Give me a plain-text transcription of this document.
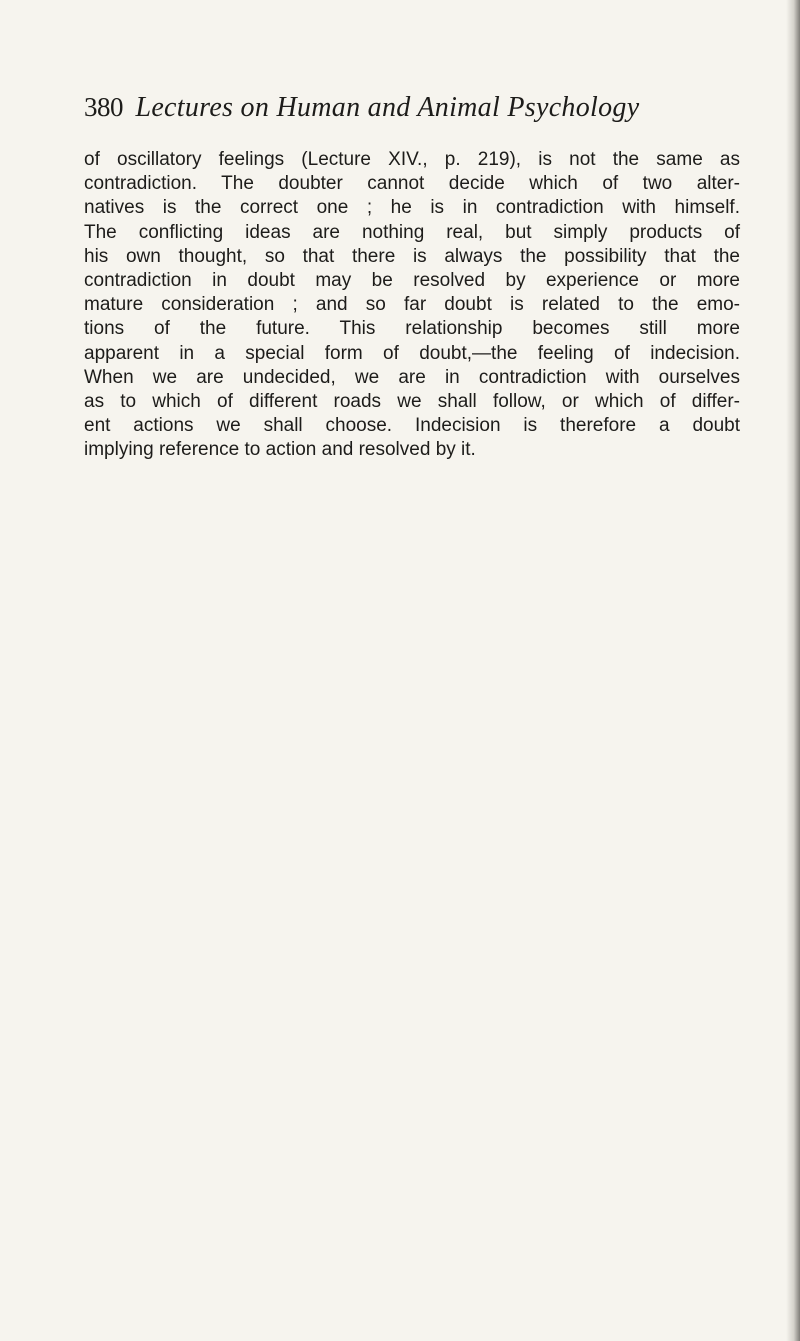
380 Lectures on Human and Animal Psychology
of oscillatory feelings (Lecture XIV., p. 219), is not the same as
contradiction. The doubter cannot decide which of two alter-
natives is the correct one ; he is in contradiction with himself.
The conflicting ideas are nothing real, but simply products of
his own thought, so that there is always the possibility that the
contradiction in doubt may be resolved by experience or more
mature consideration ; and so far doubt is related to the emo-
tions of the future. This relationship becomes still more
apparent in a special form of doubt,—the feeling of indecision.
When we are undecided, we are in contradiction with ourselves
as to which of different roads we shall follow, or which of differ-
ent actions we shall choose. Indecision is therefore a doubt
implying reference to action and resolved by it.
